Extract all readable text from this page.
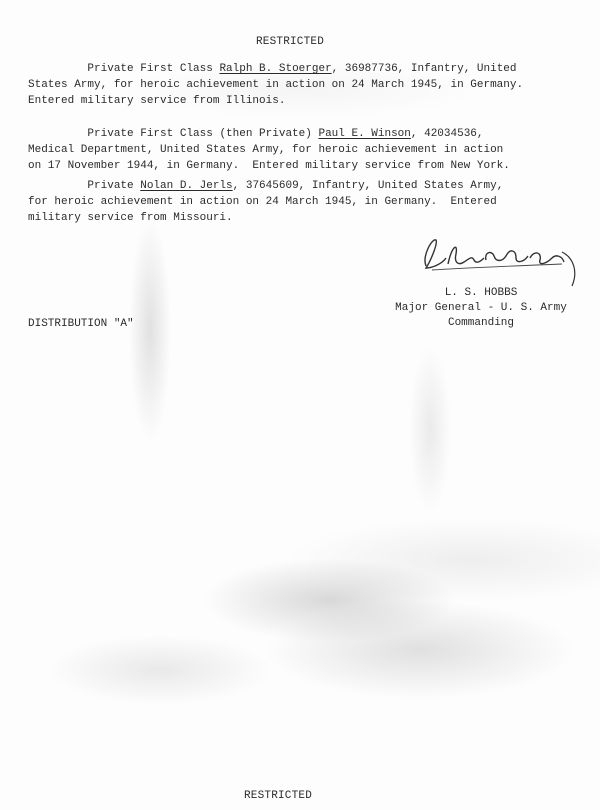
RESTRICTED
Private First Class Ralph B. Stoerger, 36987736, Infantry, United
States Army, for heroic achievement in action on 24 March 1945, in Germany.
Entered military service from Illinois.
Private First Class (then Private) Paul E. Winson, 42034536,
Medical Department, United States Army, for heroic achievement in action
on 17 November 1944, in Germany.  Entered military service from New York.
Private Nolan D. Jerls, 37645609, Infantry, United States Army,
for heroic achievement in action on 24 March 1945, in Germany.  Entered
military service from Missouri.
L. S. HOBBS
Major General - U. S. Army
Commanding
DISTRIBUTION "A"
RESTRICTED
